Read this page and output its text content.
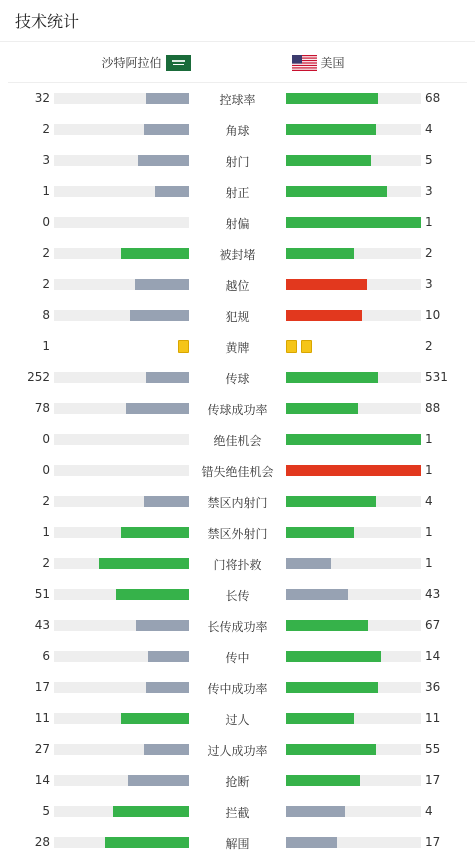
技术统计
沙特阿拉伯	美国
32	控球率	68
2	角球	4
3	射门	5
1	射正	3
0	射偏	1
2	被封堵	2
2	越位	3
8	犯规	10
1	黄牌	2
252	传球	531
78	传球成功率	88
0	绝佳机会	1
0	错失绝佳机会	1
2	禁区内射门	4
1	禁区外射门	1
2	门将扑救	1
51	长传	43
43	长传成功率	67
6	传中	14
17	传中成功率	36
11	过人	11
27	过人成功率	55
14	抢断	17
5	拦截	4
28	解围	17
